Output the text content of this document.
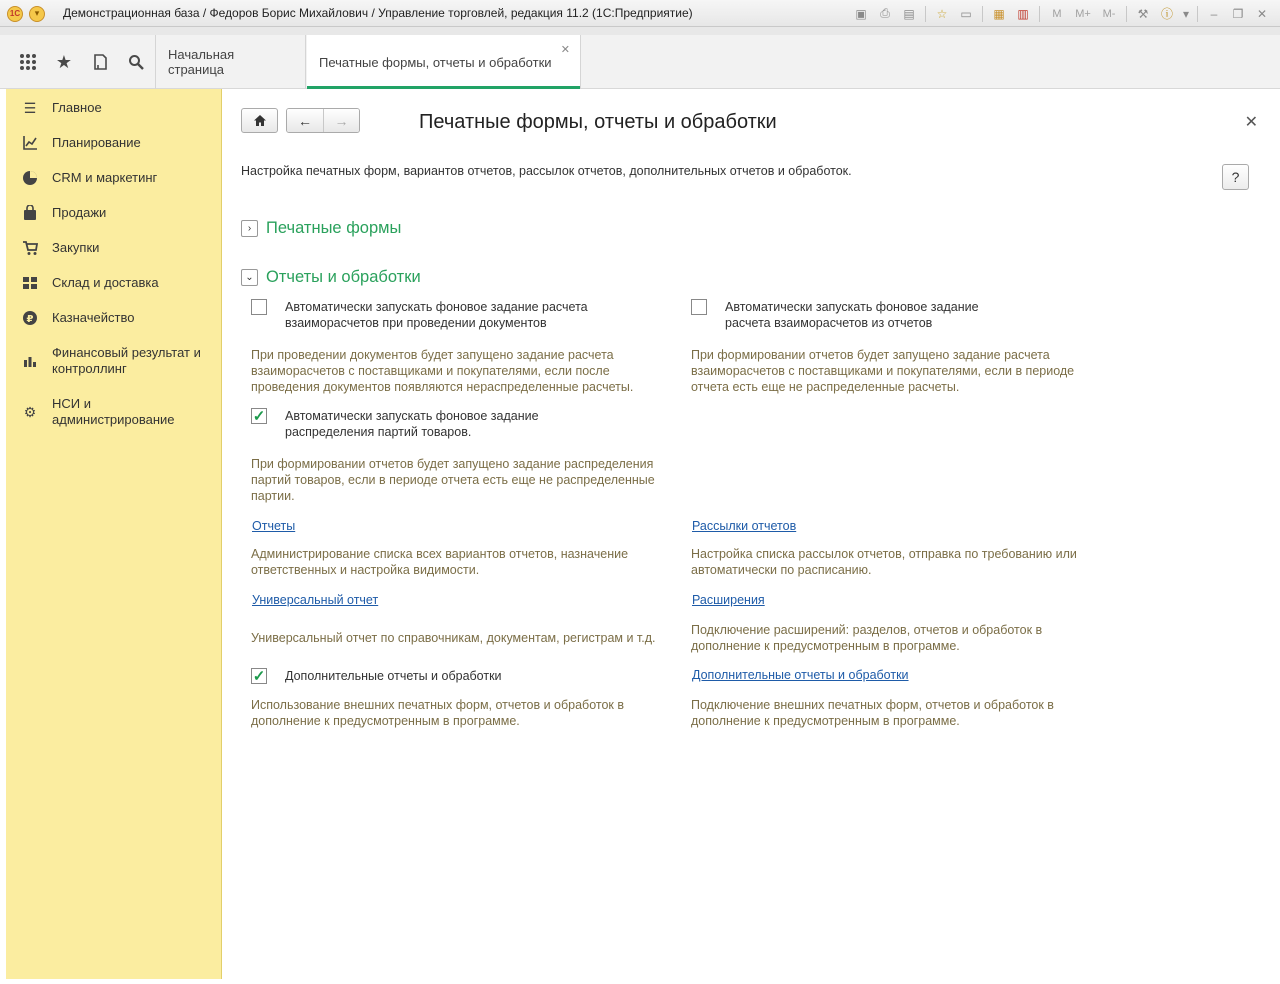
1С	▾	Демонстрационная база / Федоров Борис Михайлович / Управление торговлей, редакция 11.2 (1С:Предприятие)	▣	⎙	▤	☆	▭	▦	▥	M	M+	M-	⚒	ⓘ ▾	–	❐	✕
★	Начальная страница	Печатные формы, отчеты и обработки
✕
☰ Главное
Планирование
CRM и маркетинг
Продажи
Закупки
Склад и доставка
₽ Казначейство
Финансовый результат и контроллинг
⚙ НСИ и администрирование
←	→	Печатные формы, отчеты и обработки	✕
Настройка печатных форм, вариантов отчетов, рассылок отчетов, дополнительных отчетов и обработок.	?
› Печатные формы
⌄ Отчеты и обработки
Автоматически запускать фоновое задание расчета взаиморасчетов при проведении документов
При проведении документов будет запущено задание расчета взаиморасчетов с поставщиками и покупателями, если после проведения документов появляются нераспределенные расчеты.
✓ Автоматически запускать фоновое задание распределения партий товаров.
При формировании отчетов будет запущено задание распределения партий товаров, если в периоде отчета есть еще не распределенные партии.
Отчеты
Администрирование списка всех вариантов отчетов, назначение ответственных и настройка видимости.
Универсальный отчет
Универсальный отчет по справочникам, документам, регистрам и т.д.
✓ Дополнительные отчеты и обработки
Использование внешних печатных форм, отчетов и обработок в дополнение к предусмотренным в программе.
Автоматически запускать фоновое задание расчета взаиморасчетов из отчетов
При формировании отчетов будет запущено задание расчета взаиморасчетов с поставщиками и покупателями, если в периоде отчета есть еще не распределенные расчеты.
Рассылки отчетов
Настройка списка рассылок отчетов, отправка по требованию или автоматически по расписанию.
Расширения
Подключение расширений: разделов, отчетов и обработок в дополнение к предусмотренным в программе.
Дополнительные отчеты и обработки
Подключение внешних печатных форм, отчетов и обработок в дополнение к предусмотренным в программе.
